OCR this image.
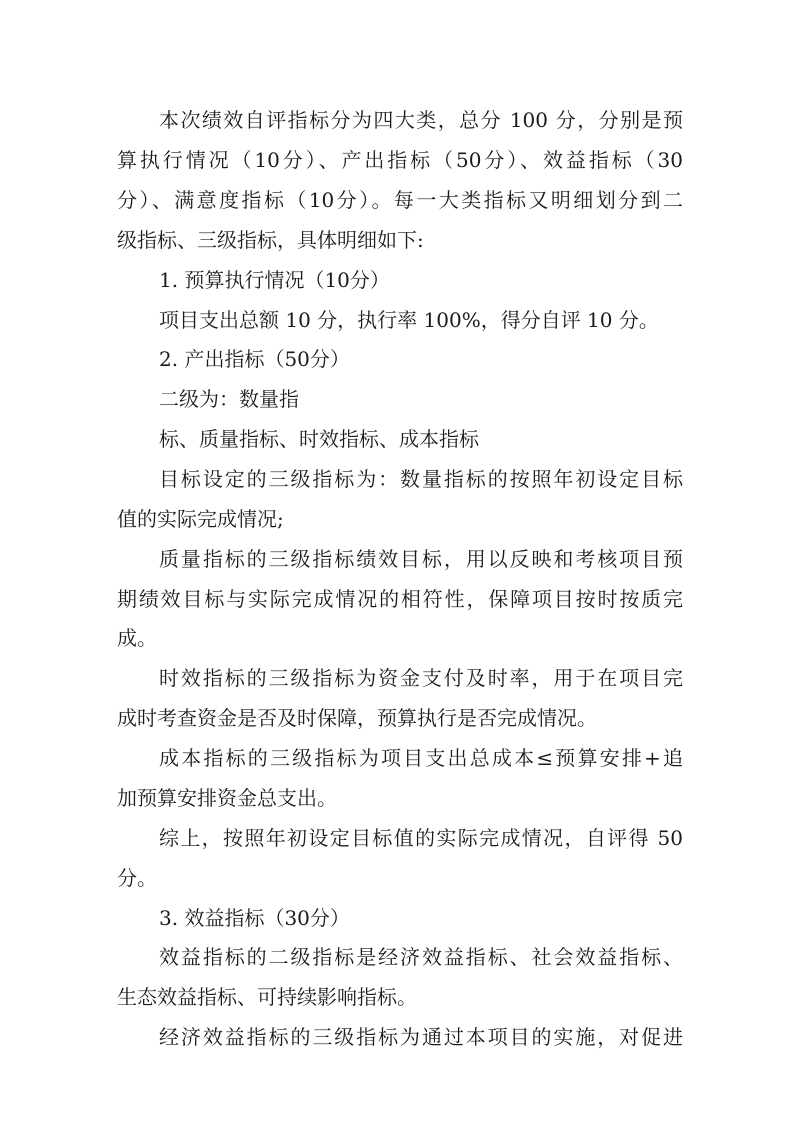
本次绩效自评指标分为四大类，总分 100 分，分别是预
算执行情况（10分）、产出指标（50分）、效益指标（30
分）、满意度指标（10分）。每一大类指标又明细划分到二
级指标、三级指标，具体明细如下:
1. 预算执行情况（10分）
项目支出总额 10 分，执行率 100%，得分自评 10 分。
2. 产出指标（50分）
二级为：数量指
标、质量指标、时效指标、成本指标
目标设定的三级指标为：数量指标的按照年初设定目标
值的实际完成情况;
质量指标的三级指标绩效目标，用以反映和考核项目预
期绩效目标与实际完成情况的相符性，保障项目按时按质完
成。
时效指标的三级指标为资金支付及时率，用于在项目完
成时考查资金是否及时保障，预算执行是否完成情况。
成本指标的三级指标为项目支出总成本≤预算安排+追
加预算安排资金总支出。
综上，按照年初设定目标值的实际完成情况，自评得 50
分。
3. 效益指标（30分）
效益指标的二级指标是经济效益指标、社会效益指标、
生态效益指标、可持续影响指标。
经济效益指标的三级指标为通过本项目的实施，对促进
